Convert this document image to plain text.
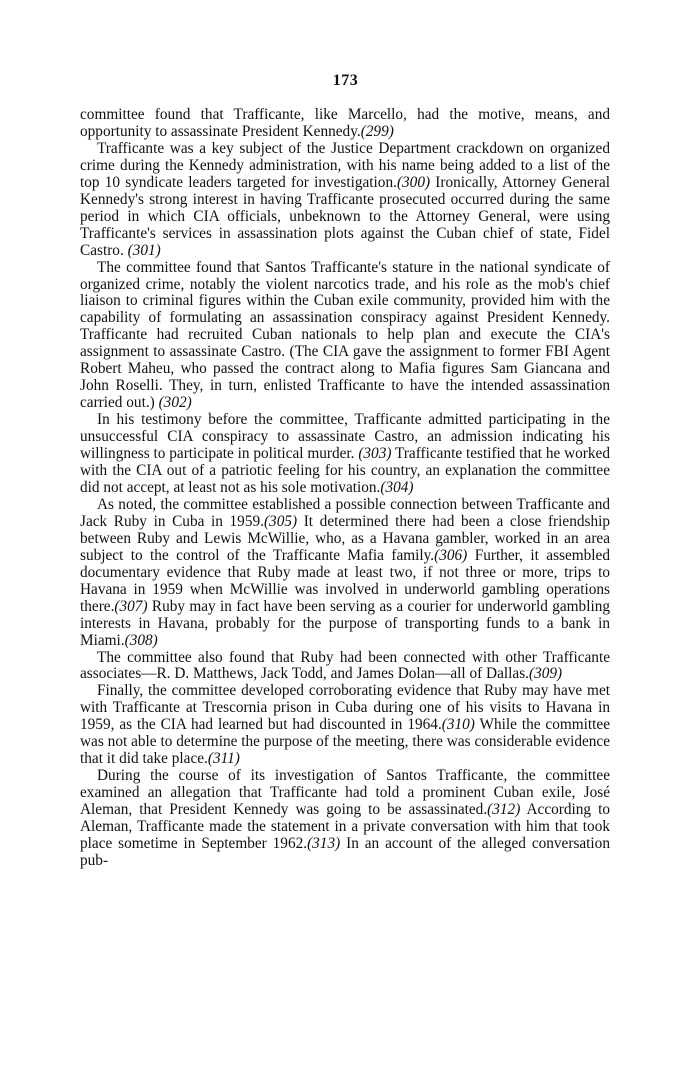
173

committee found that Trafficante, like Marcello, had the motive, means, and opportunity to assassinate President Kennedy.(299)

Trafficante was a key subject of the Justice Department crackdown on organized crime during the Kennedy administration, with his name being added to a list of the top 10 syndicate leaders targeted for investigation.(300) Ironically, Attorney General Kennedy's strong interest in having Trafficante prosecuted occurred during the same period in which CIA officials, unbeknown to the Attorney General, were using Trafficante's services in assassination plots against the Cuban chief of state, Fidel Castro. (301)

The committee found that Santos Trafficante's stature in the national syndicate of organized crime, notably the violent narcotics trade, and his role as the mob's chief liaison to criminal figures within the Cuban exile community, provided him with the capability of formulating an assassination conspiracy against President Kennedy. Trafficante had recruited Cuban nationals to help plan and execute the CIA's assignment to assassinate Castro. (The CIA gave the assignment to former FBI Agent Robert Maheu, who passed the contract along to Mafia figures Sam Giancana and John Roselli. They, in turn, enlisted Trafficante to have the intended assassination carried out.) (302)

In his testimony before the committee, Trafficante admitted participating in the unsuccessful CIA conspiracy to assassinate Castro, an admission indicating his willingness to participate in political murder. (303) Trafficante testified that he worked with the CIA out of a patriotic feeling for his country, an explanation the committee did not accept, at least not as his sole motivation.(304)

As noted, the committee established a possible connection between Trafficante and Jack Ruby in Cuba in 1959.(305) It determined there had been a close friendship between Ruby and Lewis McWillie, who, as a Havana gambler, worked in an area subject to the control of the Trafficante Mafia family.(306) Further, it assembled documentary evidence that Ruby made at least two, if not three or more, trips to Havana in 1959 when McWillie was involved in underworld gambling operations there.(307) Ruby may in fact have been serving as a courier for underworld gambling interests in Havana, probably for the purpose of transporting funds to a bank in Miami.(308)

The committee also found that Ruby had been connected with other Trafficante associates—R. D. Matthews, Jack Todd, and James Dolan—all of Dallas.(309)

Finally, the committee developed corroborating evidence that Ruby may have met with Trafficante at Trescornia prison in Cuba during one of his visits to Havana in 1959, as the CIA had learned but had discounted in 1964.(310) While the committee was not able to determine the purpose of the meeting, there was considerable evidence that it did take place.(311)

During the course of its investigation of Santos Trafficante, the committee examined an allegation that Trafficante had told a prominent Cuban exile, José Aleman, that President Kennedy was going to be assassinated.(312) According to Aleman, Trafficante made the statement in a private conversation with him that took place sometime in September 1962.(313) In an account of the alleged conversation pub-
